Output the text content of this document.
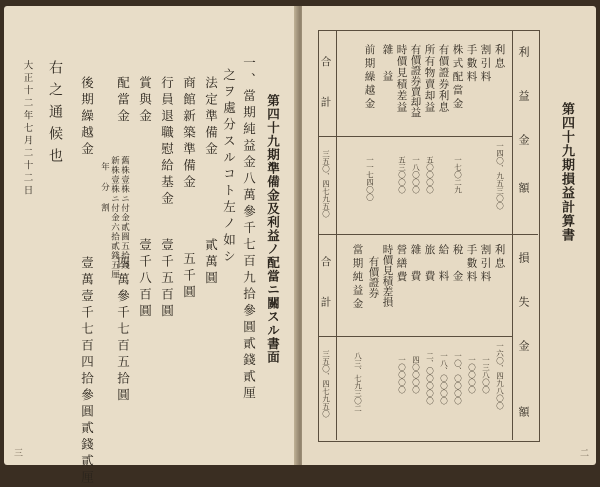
第四十九期準備金及利益ノ配當ニ關スル書面
一、當期純益金八萬參千七百九拾參圓貳錢貳厘
之ヲ處分スルコト左ノ如シ
法定準備金
貳萬圓
商館新築準備金
五千圓
行員退職慰給基金
壹千五百圓
賞與金
壹千八百圓
配當金
舊株壹株ニ付金貳圓五拾錢
新株壹株ニ付金六拾貳錢五厘
年 分 割
四萬參千七百五拾圓
後期繰越金
壹萬壹千七百四拾參圓貳錢貳厘
右之通候也
大正十二年七月二十二日
三
第四十九期損益計算書
利 益 金
額
損 失 金
額
利息
割引料
手數料
株式配當金
有價證券利息
所有物賣却益
有價證券賣却益
時價見積差益
雜益
前期繰越金
合計
一四〇、九五三〇〇
一七〇二九
五〇〇〇〇
一八〇〇〇
五三〇〇〇
一一七四〇〇
三五〇、四七九五〇
利息
割引料
手數料
稅金
給料
旅費
雜費
營繕費
時價見積差損
有價證券
當期純益金
合計
一六〇、四九八〇〇
一三八〇〇
一〇〇〇〇
一〇、〇〇〇〇
一八、〇〇〇〇
二、〇〇〇〇〇
四〇〇〇〇
一〇〇〇〇
八三、七九三〇二
三五〇、四七九五〇
二
